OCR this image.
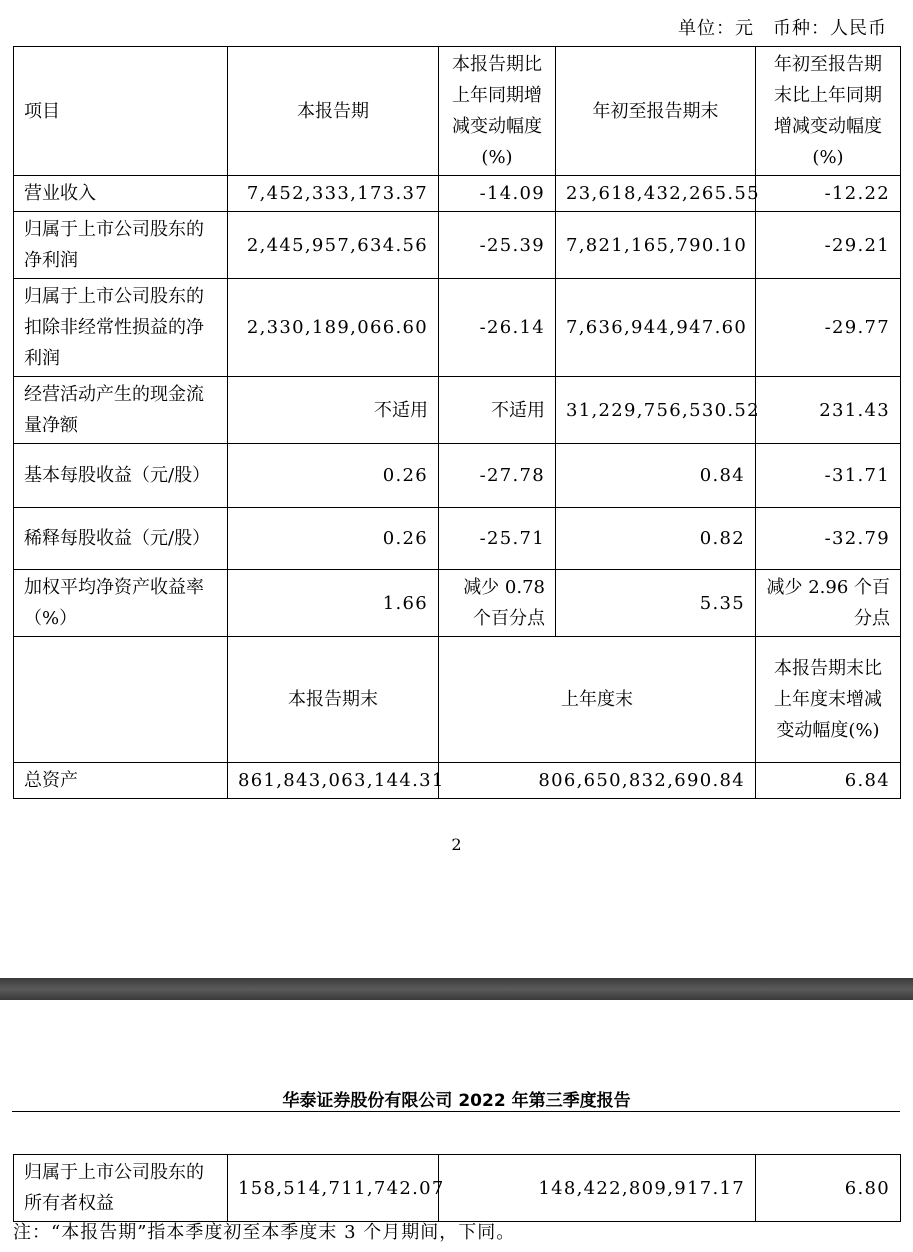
单位：元　币种：人民币
项目	本报告期	本报告期比上年同期增减变动幅度(%)	年初至报告期末	年初至报告期末比上年同期增减变动幅度(%)
营业收入	7,452,333,173.37	-14.09	23,618,432,265.55	-12.22
归属于上市公司股东的净利润	2,445,957,634.56	-25.39	7,821,165,790.10	-29.21
归属于上市公司股东的扣除非经常性损益的净利润	2,330,189,066.60	-26.14	7,636,944,947.60	-29.77
经营活动产生的现金流量净额	不适用	不适用	31,229,756,530.52	231.43
基本每股收益（元/股）	0.26	-27.78	0.84	-31.71
稀释每股收益（元/股）	0.26	-25.71	0.82	-32.79
加权平均净资产收益率（%）	1.66	减少 0.78 个百分点	5.35	减少 2.96 个百分点
	本报告期末	上年度末		本报告期末比上年度末增减变动幅度(%)
总资产	861,843,063,144.31	806,650,832,690.84		6.84
2
华泰证券股份有限公司 2022 年第三季度报告
归属于上市公司股东的所有者权益	158,514,711,742.07	148,422,809,917.17	6.80
注：“本报告期”指本季度初至本季度末 3 个月期间，下同。
